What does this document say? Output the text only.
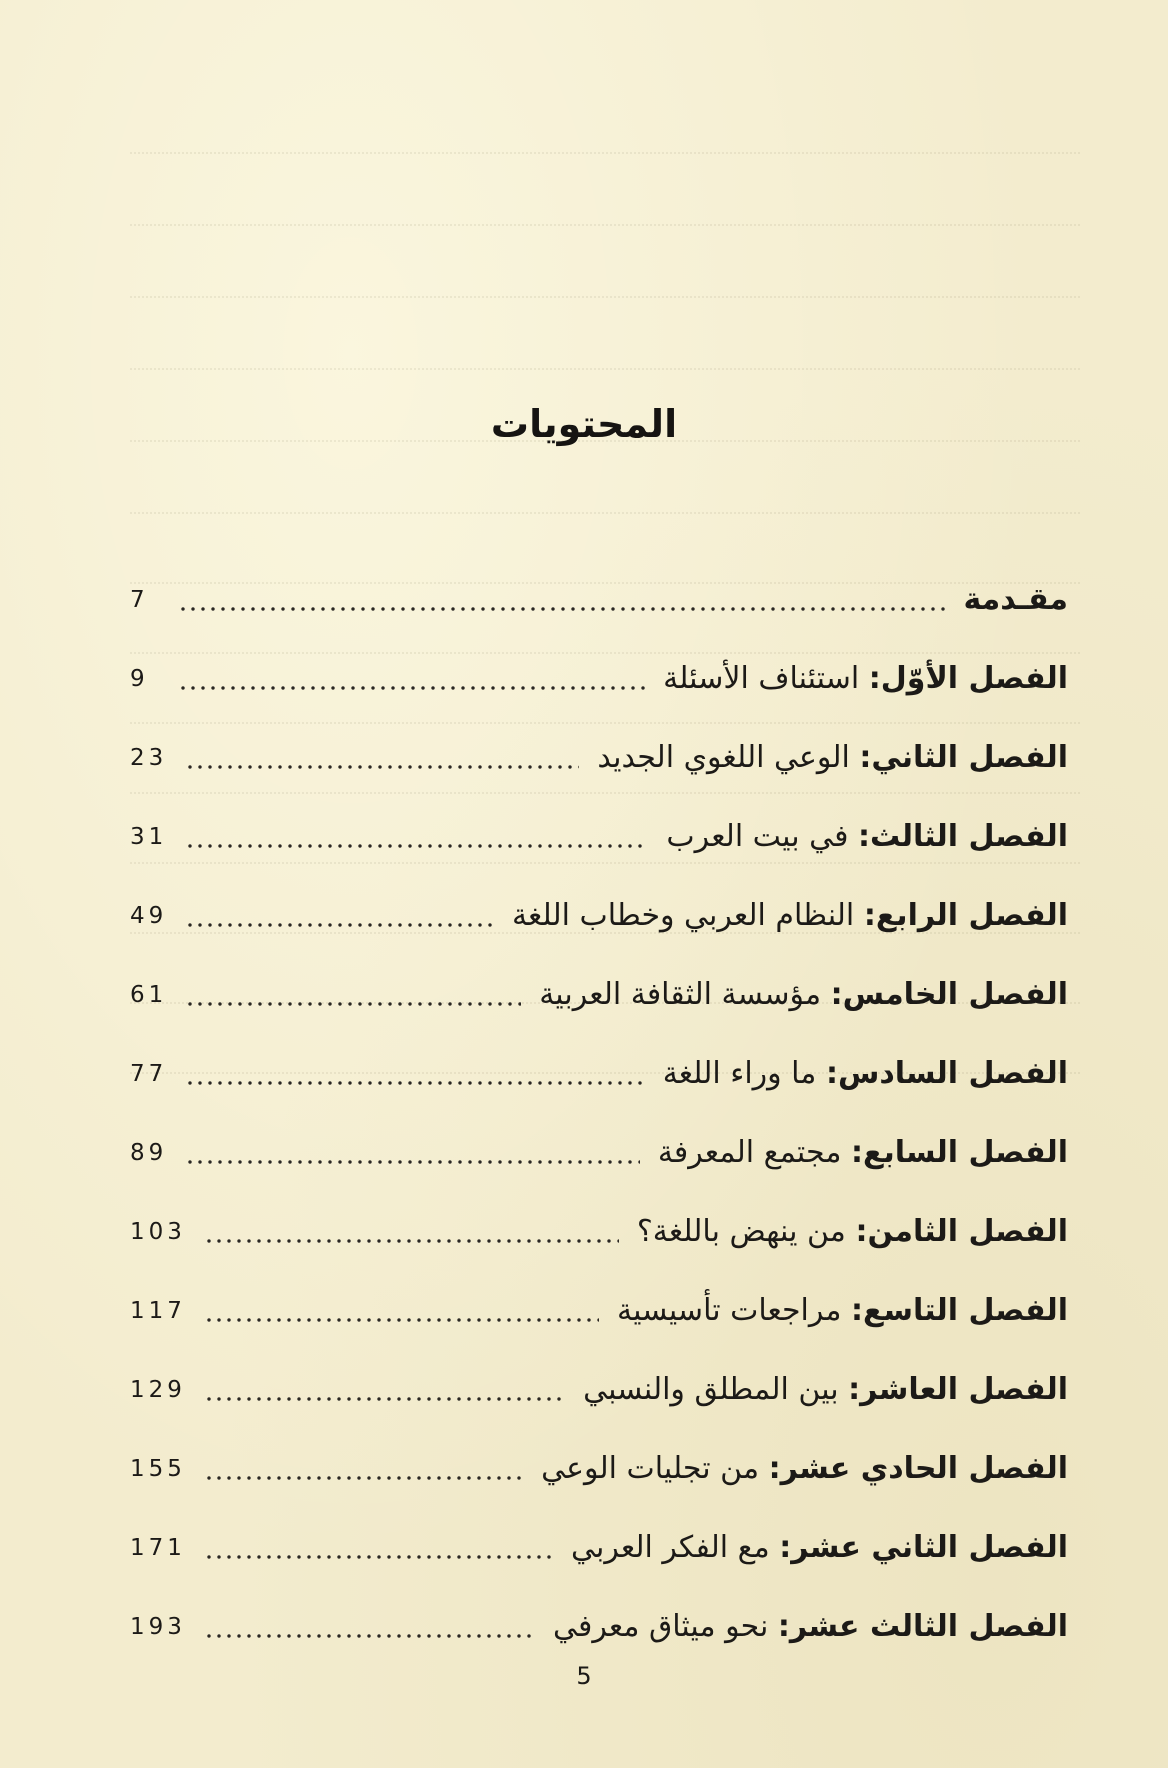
المحتويات
مقـدمة
7
الفصل الأوّل: استئناف الأسئلة
9
الفصل الثاني: الوعي اللغوي الجديد
23
الفصل الثالث: في بيت العرب
31
الفصل الرابع: النظام العربي وخطاب اللغة
49
الفصل الخامس: مؤسسة الثقافة العربية
61
الفصل السادس: ما وراء اللغة
77
الفصل السابع: مجتمع المعرفة
89
الفصل الثامن: من ينهض باللغة؟
103
الفصل التاسع: مراجعات تأسيسية
117
الفصل العاشر: بين المطلق والنسبي
129
الفصل الحادي عشر: من تجليات الوعي
155
الفصل الثاني عشر: مع الفكر العربي
171
الفصل الثالث عشر: نحو ميثاق معرفي
193
5
